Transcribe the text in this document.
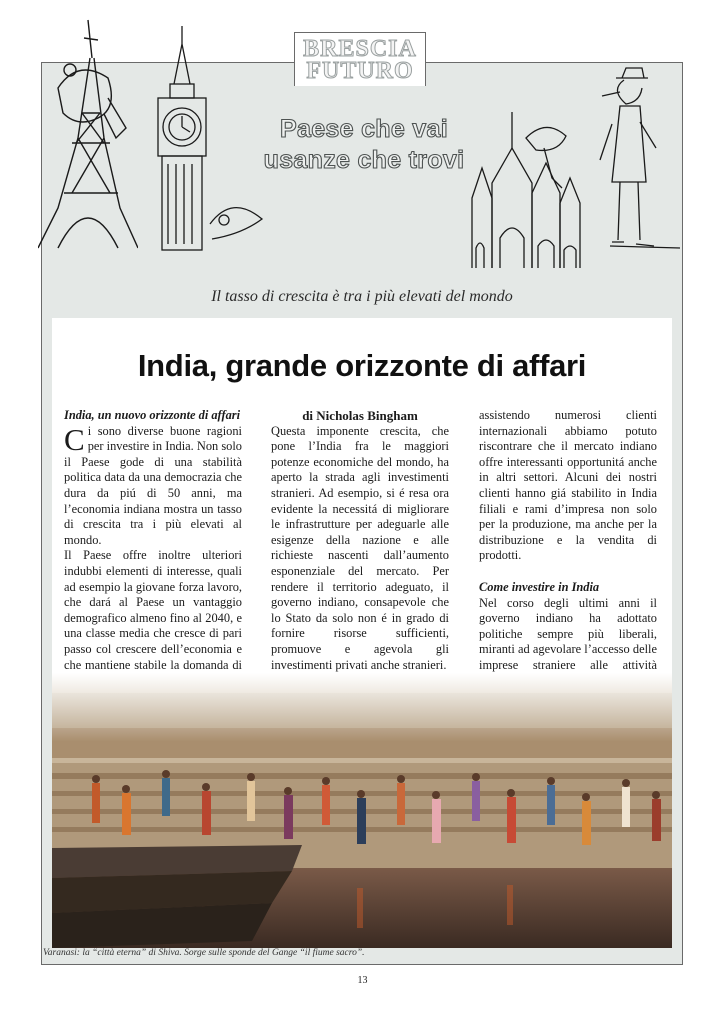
BRESCIA
FUTURO
Paese che vai
usanze che trovi
Il tasso di crescita è tra i più elevati del mondo
India, grande orizzonte di affari

India, un nuovo orizzonte di affari

Ci sono diverse buone ragioni per investire in India. Non solo il Paese gode di una stabilità politica data da una democrazia che dura da piú di 50 anni, ma l’economia indiana mostra un tasso di crescita tra i più elevati al mondo.

Il Paese offre inoltre ulteriori indubbi elementi di interesse, quali ad esempio la giovane forza lavoro, che dará al Paese un vantaggio demografico almeno fino al 2040, e una classe media che cresce di pari passo col crescere dell’economia e che mantiene stabile la domanda di

di Nicholas Bingham

Questa imponente crescita, che pone l’India fra le maggiori potenze economiche del mondo, ha aperto la strada agli investimenti stranieri. Ad esempio, si é resa ora evidente la necessitá di migliorare le infrastrutture per adeguarle alle esigenze della nazione e alle richieste nascenti dall’aumento esponenziale del mercato. Per rendere il territorio adeguato, il governo indiano, consapevole che lo Stato da solo non é in grado di fornire risorse sufficienti, promuove e agevola gli investimenti privati anche stranieri.

assistendo numerosi clienti internazionali abbiamo potuto riscontrare che il mercato indiano offre interessanti opportunitá anche in altri settori. Alcuni dei nostri clienti hanno giá stabilito in India filiali e rami d’impresa non solo per la produzione, ma anche per la distribuzione e la vendita di prodotti.

Come investire in India

Nel corso degli ultimi anni il governo indiano ha adottato politiche sempre più liberali, miranti ad agevolare l’accesso delle imprese straniere alle attività

Varanasi: la “città eterna” di Shiva. Sorge sulle sponde del Gange “il fiume sacro”.
13
